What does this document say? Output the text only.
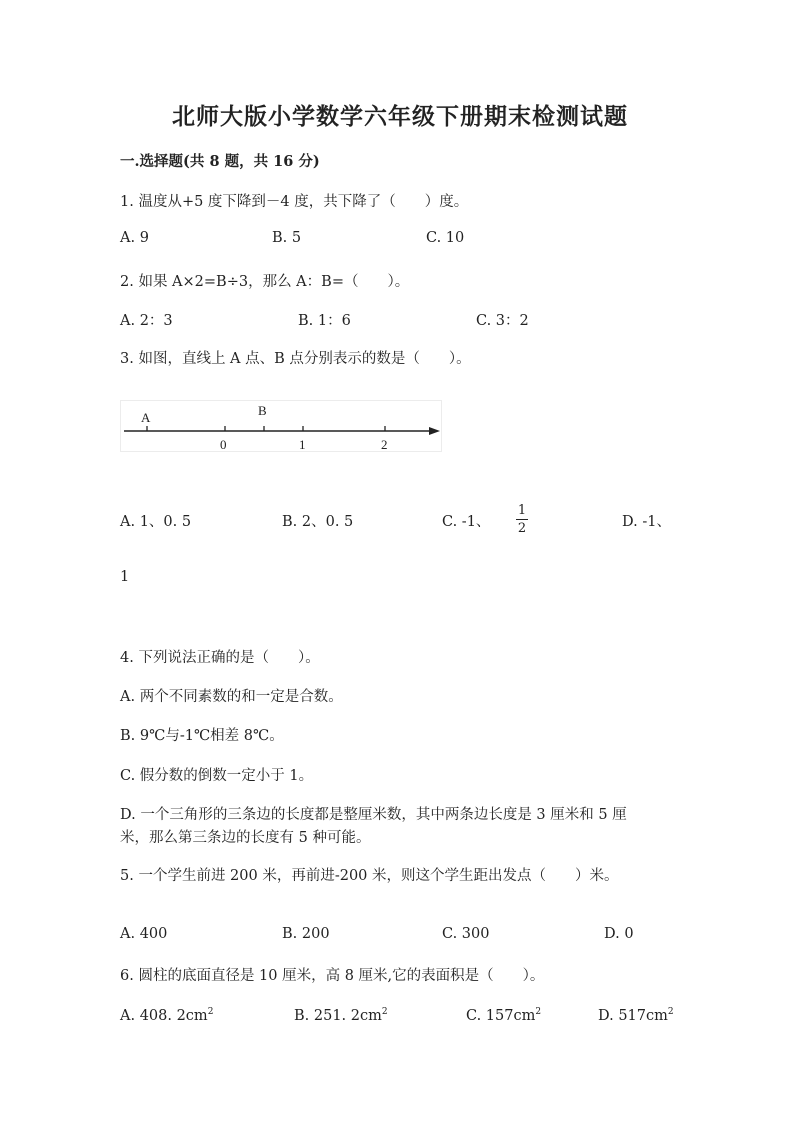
北师大版小学数学六年级下册期末检测试题
一.选择题(共 8 题，共 16 分)
1. 温度从+5 度下降到－4 度，共下降了（　　）度。
A. 9	B. 5	C. 10
2. 如果 A×2=B÷3，那么 A：B=（　　）。
A. 2：3	B. 1：6	C. 3：2
3. 如图，直线上 A 点、B 点分别表示的数是（　　）。
A	B
0	1	2
A. 1、0. 5	B. 2、0. 5	C. -1、
1
2	D. -1、
1
4. 下列说法正确的是（　　）。
A. 两个不同素数的和一定是合数。
B. 9℃与-1℃相差 8℃。
C. 假分数的倒数一定小于 1。
D. 一个三角形的三条边的长度都是整厘米数，其中两条边长度是 3 厘米和 5 厘
米，那么第三条边的长度有 5 种可能。
5. 一个学生前进 200 米，再前进-200 米，则这个学生距出发点（　　）米。
A. 400	B. 200	C. 300	D. 0
6. 圆柱的底面直径是 10 厘米，高 8 厘米,它的表面积是（　　）。
A. 408. $2cm^2$	B. 251. $2cm^2$	C. $157cm^2$	D. $517cm^2$
